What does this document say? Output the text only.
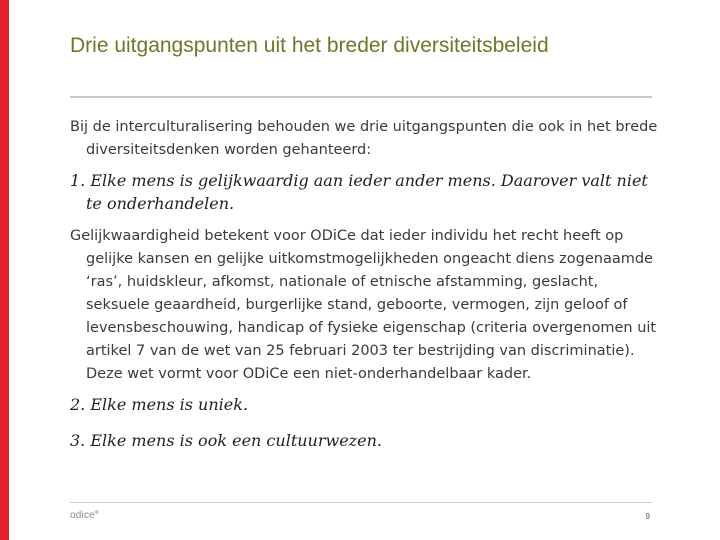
Drie uitgangspunten uit het breder diversiteitsbeleid

Bij de interculturalisering behouden we drie uitgangspunten die ook in het brede diversiteitsdenken worden gehanteerd:

1. Elke mens is gelijkwaardig aan ieder ander mens. Daarover valt niet te onderhandelen.

Gelijkwaardigheid betekent voor ODiCe dat ieder individu het recht heeft op gelijke kansen en gelijke uitkomstmogelijkheden ongeacht diens zogenaamde ‘ras’, huidskleur, afkomst, nationale of etnische afstamming, geslacht, seksuele geaardheid, burgerlijke stand, geboorte, vermogen, zijn geloof of levensbeschouwing, handicap of fysieke eigenschap (criteria overgenomen uit artikel 7 van de wet van 25 februari 2003 ter bestrijding van discriminatie). Deze wet vormt voor ODiCe een niet-onderhandelbaar kader.

2. Elke mens is uniek.

3. Elke mens is ook een cultuurwezen.

odice°	9
